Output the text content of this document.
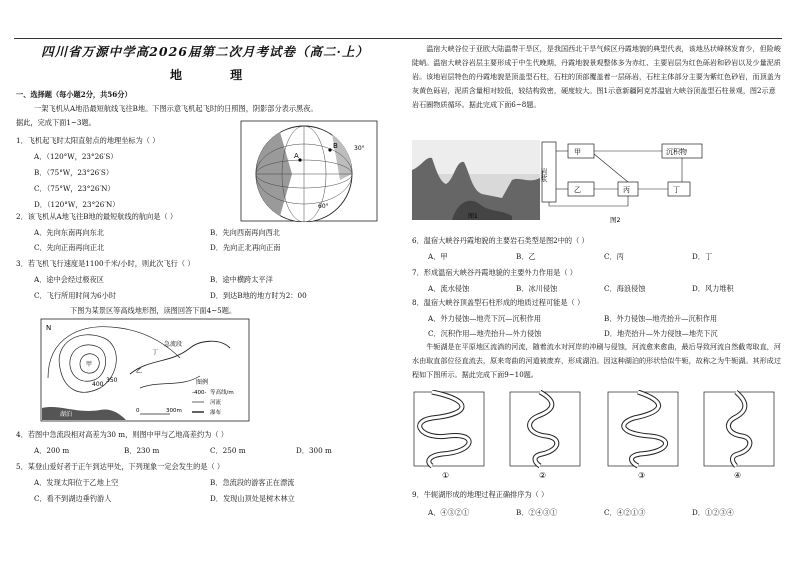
四川省万源中学高2026届第二次月考试卷（高二·上）
地 理
一、选择题（每小题2分，共56分）
一架飞机从A地沿最短航线飞往B地。下图示意飞机起飞时的日照图，阴影部分表示黑夜。
据此，完成下面1~3题。
1．飞机起飞时太阳直射点的地理坐标为（ ）
A．（120°W，23°26′S）
B．（75°W，23°26′S）
C．（75°W，23°26′N）
D．（120°W，23°26′N）
2．该飞机从A地飞往B地的最短航线的航向是（ ）
A．先向东南再向东北	B．先向西南再向西北
C．先向正南再向正北	D．先向正北再向正南
3．若飞机飞行速度是1100千米/小时，则此次飞行（ ）
A．途中会经过极夜区	B．途中横跨太平洋
C．飞行所用时间为6小时	D．到达B地的地方时为2：00
下图为某景区等高线地形图，读图回答下面4~5题。
4．若图中急流段相对高差为30 m，则图中甲与乙地高差约为（ ）
A．200 m	B．230 m	C．250 m	D．300 m
5．某登山爱好者于正午到达甲处，下列现象一定会发生的是（ ）
A．发现太阳位于乙地上空	B．急流段的游客正在漂流
C．看不到湖边垂钓游人	D．发现山顶处是树木林立
A
B	30°
60°
N
甲
乙
丁
急流段
400
350
湖泊	0	300m
图例
-400- 等高线/m
河流
瀑布
温宿大峡谷位于亚欧大陆温带干旱区，是我国西北干旱气候区丹霞地貌的典型代表，该地丛状峰林发育少，但险峻陡峭。温宿大峡谷岩层主要形成于中生代晚期，丹霞地貌景观整体多为赤红、主要岩层为红色砾岩和砂岩以及少量泥质岩。该地岩层特色的丹霞地貌是顶盖型石柱，石柱的顶部覆盖着一层砾岩，石柱主体部分主要为紫红色砂岩，而顶盖为灰黄色砾岩，泥质含量相对较低，较结构致密，硬度较大。图1示意新疆阿克苏温宿大峡谷顶盖型石柱景观，图2示意岩石圈物质循环。据此完成下面6~8题。
图1
岩浆
甲
乙	丙	丁
沉积物
图2
6．温宿大峡谷丹霞地貌的主要岩石类型是图2中的（ ）
A．甲	B．乙	C．丙	D．丁
7．形成温宿大峡谷丹霞地貌的主要外力作用是（ ）
A．流水侵蚀	B．冰川侵蚀	C．海浪侵蚀	D．风力堆积
8．温宿大峡谷顶盖型石柱形成的地质过程可能是（ ）
A．外力侵蚀—地壳下沉—沉积作用	B．外力侵蚀—地壳抬升—沉积作用
C．沉积作用—地壳抬升—外力侵蚀	D．地壳抬升—外力侵蚀—地壳下沉
牛轭湖是在平原地区流淌的河流，随着流水对河岸的冲刷与侵蚀，河流愈来愈曲，最后导致河流自然截弯取直，河水由取直部位径直流去，原来弯曲的河道被废弃，形成湖泊。因这种湖泊的形状恰似牛轭，故称之为牛轭湖。其形成过程如下图所示。据此完成下面9~10题。
①	②	③	④
9．牛轭湖形成的地理过程正确排序为（ ）
A．④③②①	B．②④③①	C．④②①③	D．①②③④
